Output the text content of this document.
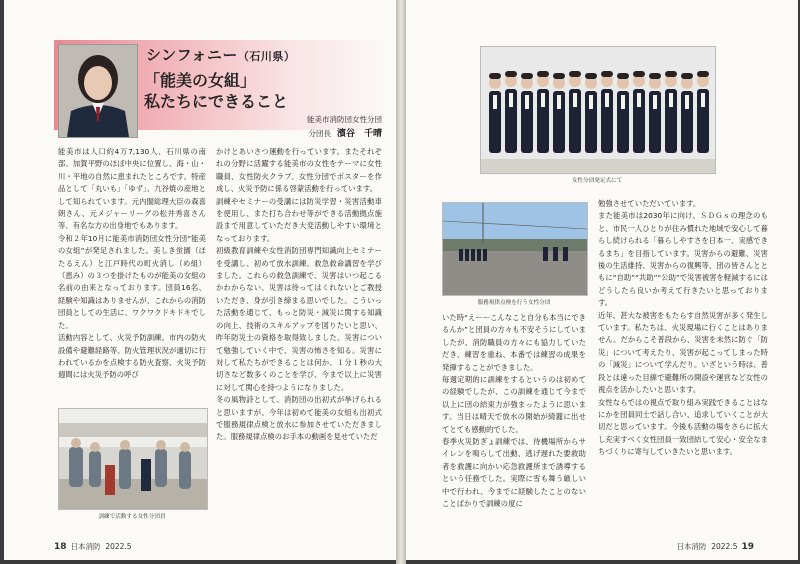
シンフォニー（石川県）
「能美の女組」
私たちにできること
能美市消防団女性分団
分団長 濱谷　千晴

能美市は人口約4万7,130人、石川県の南部、加賀平野のほぼ中央に位置し、海・山・川・平地の自然に恵まれたところです。特産品として「丸いも」「ゆず」、九谷焼の産地として知られています。元内閣総理大臣の森喜朗さん、元メジャーリーグの松井秀喜さん等、有名な方の出身地でもあります。
令和２年10月に能美市消防団女性分団“能美の女組”が発足されました。美しき蛍園（ほたるえん）と江戸時代の町火消し（め組）（恵み）の３つを掛けたものが能美の女組の名前の由来となっております。団員16名、経験や知識はありませんが、これからの消防団員としての生活に、ワクワクドキドキでした。
活動内容として、火災予防訓練、市内の防火設備や避難経路等、防火管理状況が適切に行われているかを点検する防火査察、火災予防週間には火災予防の呼び

かけとあいさつ運動を行っています。またそれぞれの分野に活躍する能美市の女性をテーマに女性職員、女性防火クラブ、女性分団でポスターを作成し、火災予防に係る啓蒙活動を行っています。
訓練やセミナーの受講には防災学習・災害活動車を使用し、また打ち合わせ等ができる活動拠点施設まで用意していただき大変活動しやすい環境となっております。
初級教育訓練や女性消防団専門知識向上セミナーを受講し、初めて放水訓練、救急救命講習を学びました。これらの救急訓練で、災害はいつ起こるかわからない、災害は待ってはくれないとご教授いただき、身が引き締まる思いでした。こういった活動を通じて、もっと防災・減災に関する知識の向上、技術のスキルアップを図りたいと思い、昨年防災士の資格を取得致しました。災害について勉強していく中で、災害の怖さを知る。災害に対して私たちができることは何か、１分１秒の大切さなど数多くのことを学び、今まで以上に災害に対して関心を持つようになりました。
冬の風物詩として、消防団の出初式が挙げられると思いますが、今年は初めて能美の女組も出初式で服務規律点検と放水に参加させていただきました。服務規律点検のお手本の動画を見せていただ

訓練で活動する女性分団員
18 日本消防 2022.5
女性分団発足式にて
服務規律点検を行う女性分団

いた時“えーーこんなこと自分も本当にできるんか”と団員の方々も不安そうにしていましたが、消防職員の方々にも協力していただき、練習を重ね、本番では練習の成果を発揮することができました。
毎週定期的に訓練をするというのは初めての経験でしたが、この訓練を通じて今まで以上に団の結束力が強まったように思います。当日は晴天で放水の開始が綺麗に出せてとても感動的でした。
春季火災防ぎょ訓練では、待機場所からサイレンを鳴らして出動、逃げ遅れた要救助者を救護に向かい応急救護所まで誘導するという任務でした。実際に雪も舞う厳しい中で行われ、今までに経験したことのないことばかりで訓練の度に

勉強させていただいています。
また能美市は2030年に向け、ＳＤＧｓの理念のもと、市民一人ひとりが住み慣れた地域で安心して暮らし続けられる「暮らしやすさを日本一、実感できるまち」を目指しています。災害からの避難、災害後の生活維持、災害からの復興等、団の皆さんとともに“自助”“共助”“公助”で災害被害を軽減するにはどうしたら良いか考えて行きたいと思っております。
近年、甚大な被害をもたらす自然災害が多く発生しています。私たちは、火災現場に行くことはありません。だからこそ普段から、災害を未然に防ぐ「防災」について考えたり、災害が起こってしまった時の「減災」について学んだり。いざという時は、普段とは違った目線で避難所の開設や運営など女性の視点を活かしたいと思います。
女性ならではの視点で取り組み実践できることはなにかを団員同士で話し合い、追求していくことが大切だと思っています。今後も活動の場をさらに拡大し充実すべく女性団員一致団結して安心・安全なまちづくりに寄与していきたいと思います。

日本消防 2022.5 19
